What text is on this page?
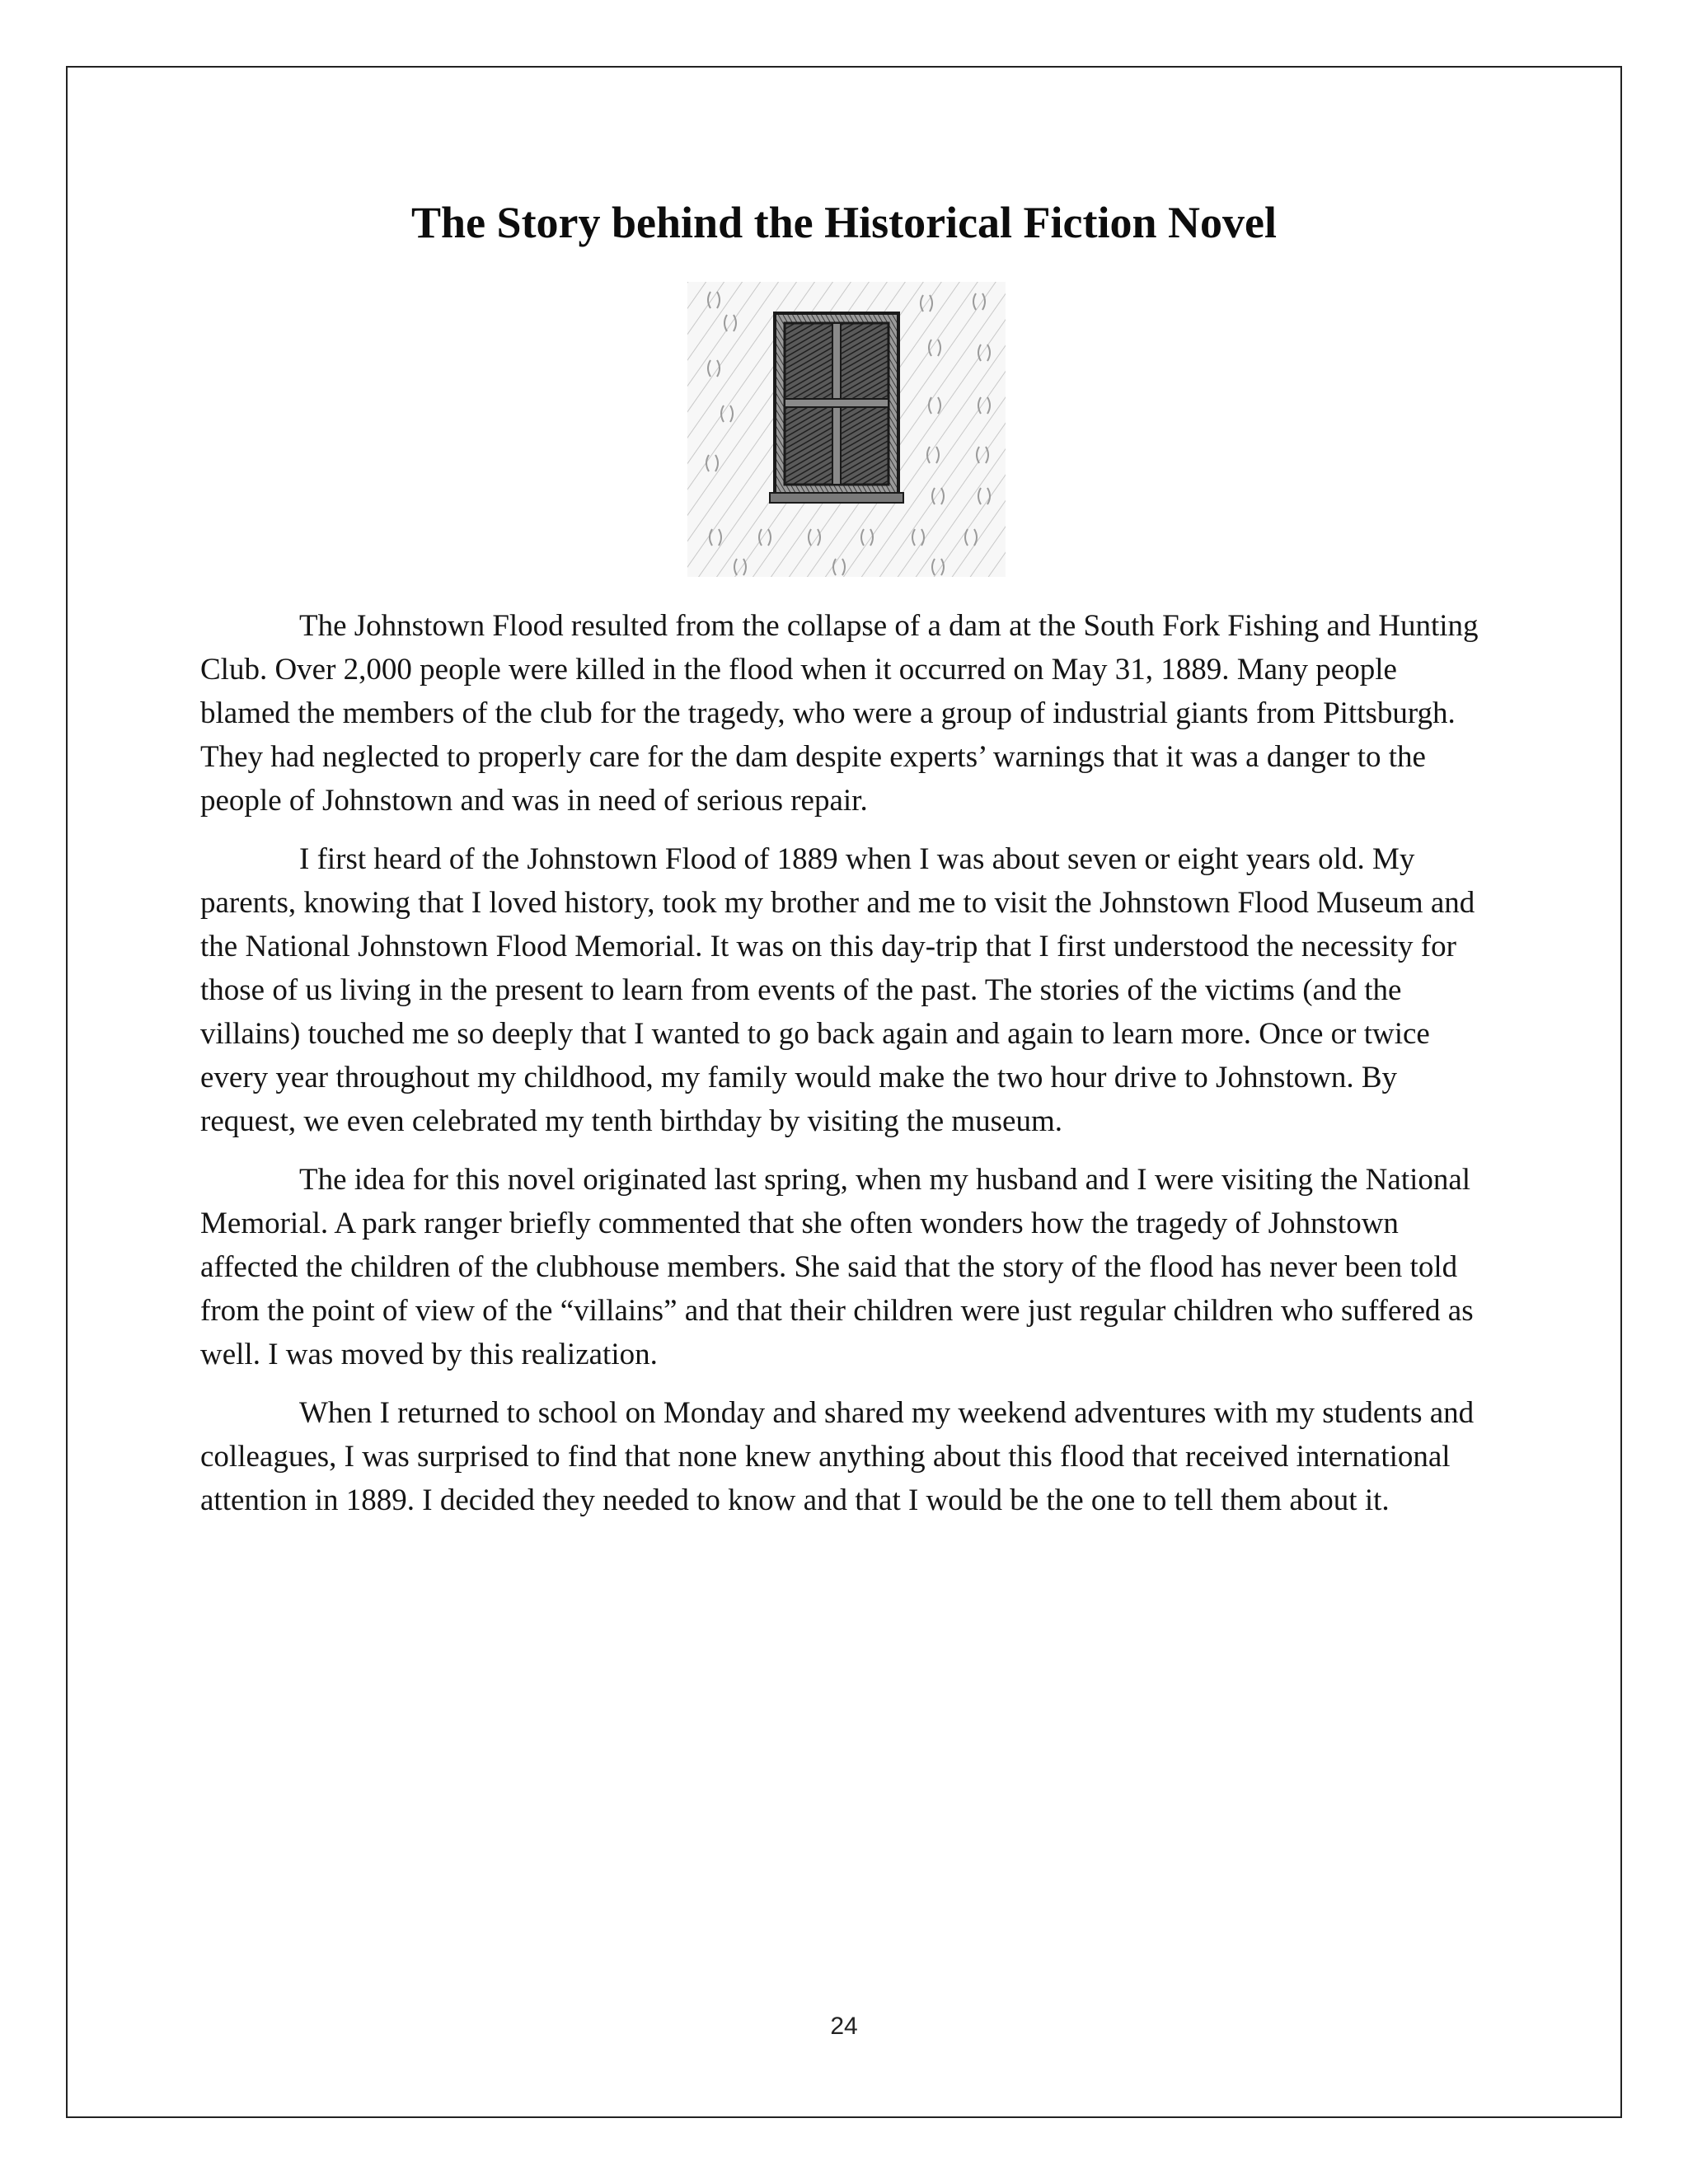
The Story behind the Historical Fiction Novel

The Johnstown Flood resulted from the collapse of a dam at the South Fork Fishing and Hunting Club. Over 2,000 people were killed in the flood when it occurred on May 31, 1889. Many people blamed the members of the club for the tragedy, who were a group of industrial giants from Pittsburgh. They had neglected to properly care for the dam despite experts’ warnings that it was a danger to the people of Johnstown and was in need of serious repair.

I first heard of the Johnstown Flood of 1889 when I was about seven or eight years old. My parents, knowing that I loved history, took my brother and me to visit the Johnstown Flood Museum and the National Johnstown Flood Memorial. It was on this day-trip that I first understood the necessity for those of us living in the present to learn from events of the past. The stories of the victims (and the villains) touched me so deeply that I wanted to go back again and again to learn more. Once or twice every year throughout my childhood, my family would make the two hour drive to Johnstown. By request, we even celebrated my tenth birthday by visiting the museum.

The idea for this novel originated last spring, when my husband and I were visiting the National Memorial. A park ranger briefly commented that she often wonders how the tragedy of Johnstown affected the children of the clubhouse members. She said that the story of the flood has never been told from the point of view of the “villains” and that their children were just regular children who suffered as well. I was moved by this realization.

When I returned to school on Monday and shared my weekend adventures with my students and colleagues, I was surprised to find that none knew anything about this flood that received international attention in 1889. I decided they needed to know and that I would be the one to tell them about it.

24
